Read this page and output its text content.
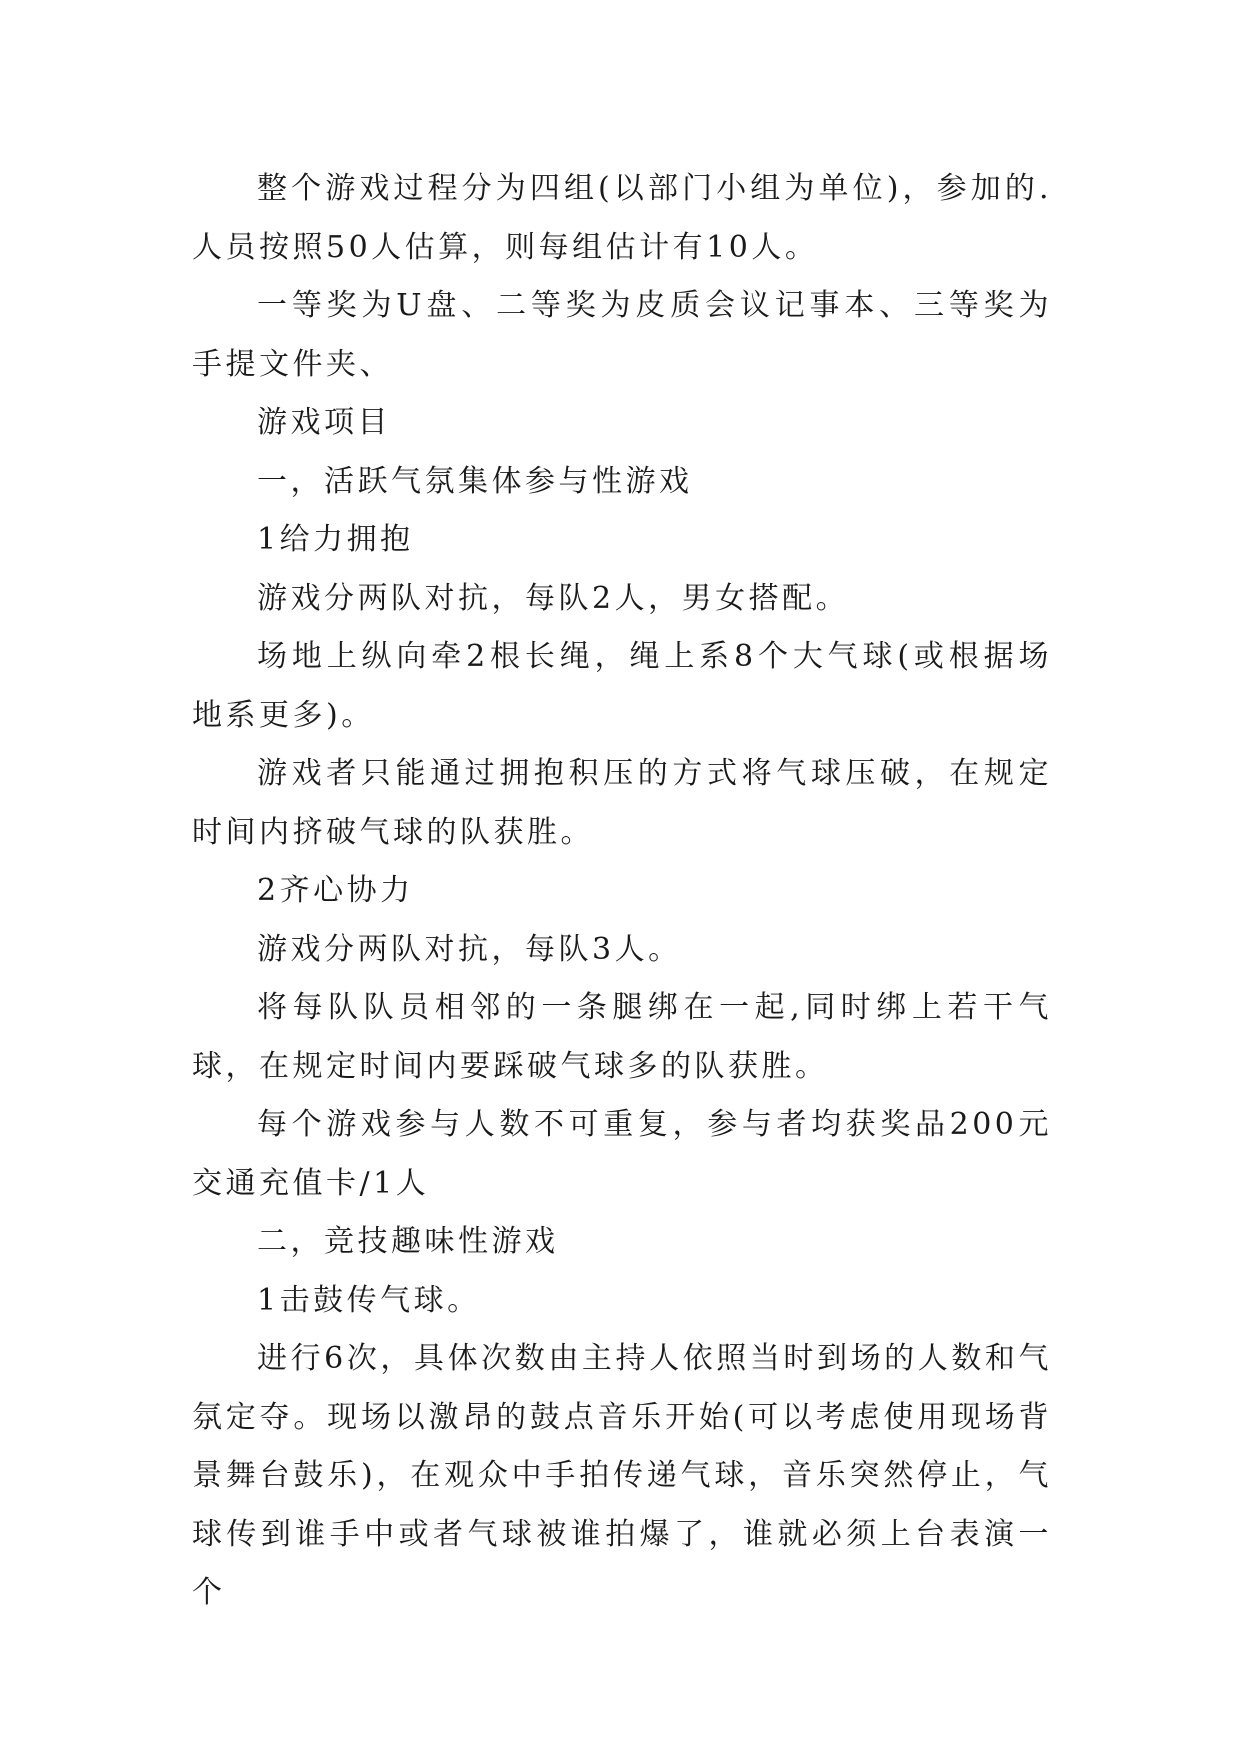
整个游戏过程分为四组(以部门小组为单位)，参加的.人员按照50人估算，则每组估计有10人。

一等奖为U盘、二等奖为皮质会议记事本、三等奖为手提文件夹、

游戏项目

一，活跃气氛集体参与性游戏

1给力拥抱

游戏分两队对抗，每队2人，男女搭配。

场地上纵向牵2根长绳，绳上系8个大气球(或根据场地系更多)。

游戏者只能通过拥抱积压的方式将气球压破，在规定时间内挤破气球的队获胜。

2齐心协力

游戏分两队对抗，每队3人。

将每队队员相邻的一条腿绑在一起,同时绑上若干气球，在规定时间内要踩破气球多的队获胜。

每个游戏参与人数不可重复，参与者均获奖品200元交通充值卡/1人

二，竞技趣味性游戏

1击鼓传气球。

进行6次，具体次数由主持人依照当时到场的人数和气氛定夺。现场以激昂的鼓点音乐开始(可以考虑使用现场背景舞台鼓乐)，在观众中手拍传递气球，音乐突然停止，气球传到谁手中或者气球被谁拍爆了，谁就必须上台表演一个
